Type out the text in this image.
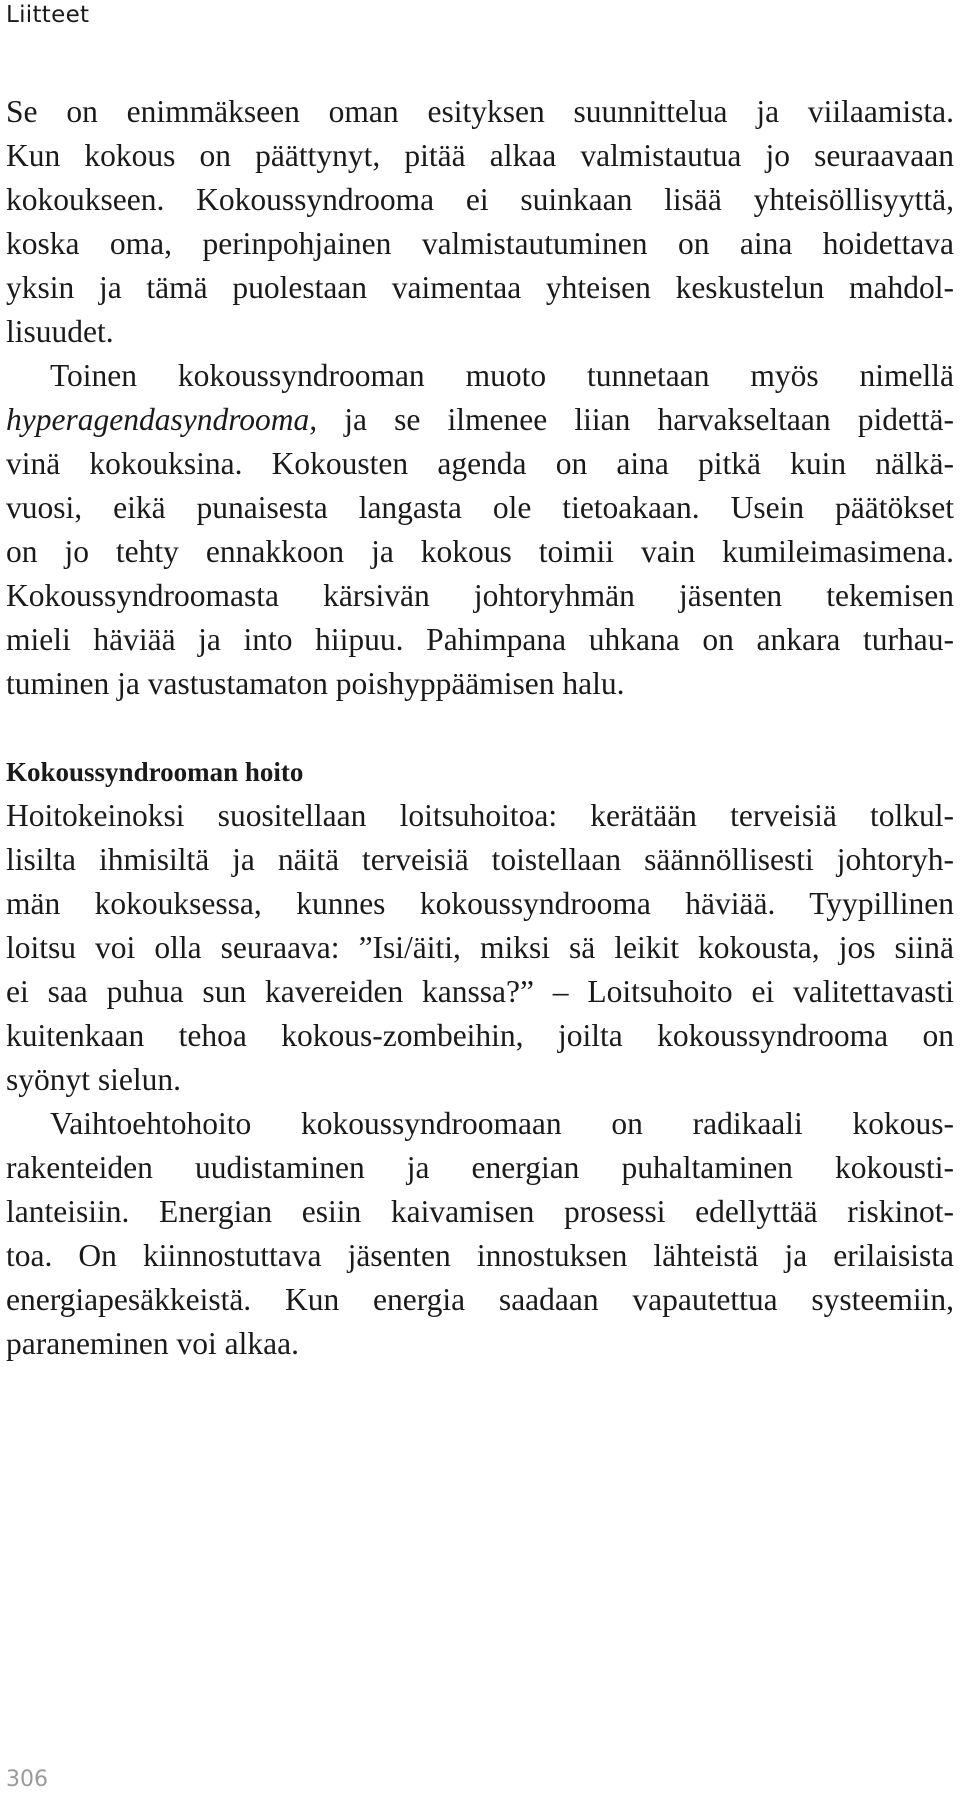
Liitteet
Se on enimmäkseen oman esityksen suunnittelua ja viilaamista.
Kun kokous on päättynyt, pitää alkaa valmistautua jo seuraavaan
kokoukseen. Kokoussyndrooma ei suinkaan lisää yhteisöllisyyttä,
koska oma, perinpohjainen valmistautuminen on aina hoidettava
yksin ja tämä puolestaan vaimentaa yhteisen keskustelun mahdol-
lisuudet.
Toinen kokoussyndrooman muoto tunnetaan myös nimellä
hyperagendasyndrooma, ja se ilmenee liian harvakseltaan pidettä-
vinä kokouksina. Kokousten agenda on aina pitkä kuin nälkä-
vuosi, eikä punaisesta langasta ole tietoakaan. Usein päätökset
on jo tehty ennakkoon ja kokous toimii vain kumileimasimena.
Kokoussyndroomasta kärsivän johtoryhmän jäsenten tekemisen
mieli häviää ja into hiipuu. Pahimpana uhkana on ankara turhau-
tuminen ja vastustamaton poishyppäämisen halu.
Kokoussyndrooman hoito
Hoitokeinoksi suositellaan loitsuhoitoa: kerätään terveisiä tolkul-
lisilta ihmisiltä ja näitä terveisiä toistellaan säännöllisesti johtoryh-
män kokouksessa, kunnes kokoussyndrooma häviää. Tyypillinen
loitsu voi olla seuraava: ”Isi/äiti, miksi sä leikit kokousta, jos siinä
ei saa puhua sun kavereiden kanssa?” – Loitsuhoito ei valitettavasti
kuitenkaan tehoa kokous-zombeihin, joilta kokoussyndrooma on
syönyt sielun.
Vaihtoehtohoito kokoussyndroomaan on radikaali kokous-
rakenteiden uudistaminen ja energian puhaltaminen kokousti-
lanteisiin. Energian esiin kaivamisen prosessi edellyttää riskinot-
toa. On kiinnostuttava jäsenten innostuksen lähteistä ja erilaisista
energiapesäkkeistä. Kun energia saadaan vapautettua systeemiin,
paraneminen voi alkaa.
306
